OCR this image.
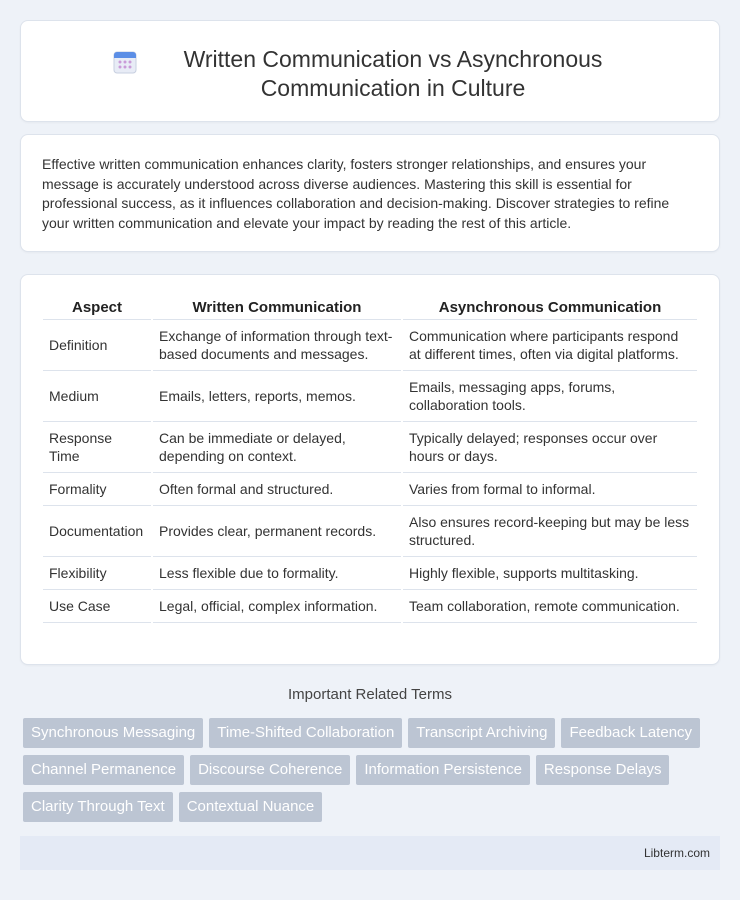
Written Communication vs Asynchronous Communication in Culture

Effective written communication enhances clarity, fosters stronger relationships, and ensures your message is accurately understood across diverse audiences. Mastering this skill is essential for professional success, as it influences collaboration and decision-making. Discover strategies to refine your written communication and elevate your impact by reading the rest of this article.

Aspect	Written Communication	Asynchronous Communication
Definition	Exchange of information through text-based documents and messages.	Communication where participants respond at different times, often via digital platforms.
Medium	Emails, letters, reports, memos.	Emails, messaging apps, forums, collaboration tools.
Response Time	Can be immediate or delayed, depending on context.	Typically delayed; responses occur over hours or days.
Formality	Often formal and structured.	Varies from formal to informal.
Documentation	Provides clear, permanent records.	Also ensures record-keeping but may be less structured.
Flexibility	Less flexible due to formality.	Highly flexible, supports multitasking.
Use Case	Legal, official, complex information.	Team collaboration, remote communication.
Important Related Terms
Synchronous Messaging	Time-Shifted Collaboration	Transcript Archiving	Feedback Latency
Channel Permanence	Discourse Coherence	Information Persistence	Response Delays
Clarity Through Text	Contextual Nuance
Libterm.com
